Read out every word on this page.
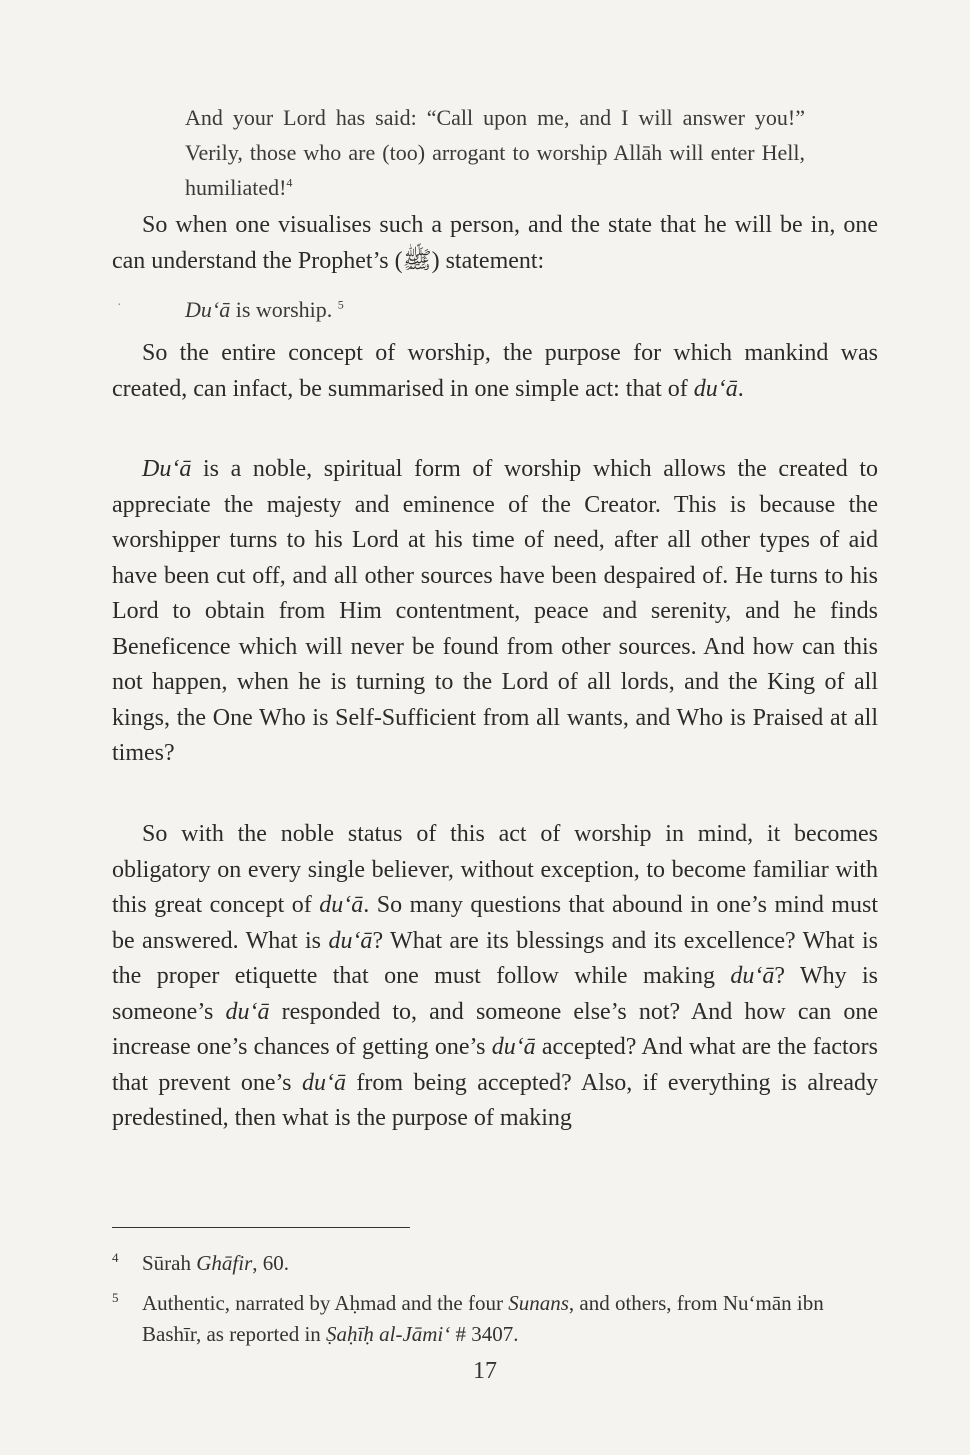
And your Lord has said: “Call upon me, and I will answer you!” Verily, those who are (too) arrogant to worship Allāh will enter Hell, humiliated!$^4$

So when one visualises such a person, and the state that he will be in, one can understand the Prophet’s (ﷺ) statement:

·	Du‘ā is worship. $^5$

So the entire concept of worship, the purpose for which mankind was created, can infact, be summarised in one simple act: that of du‘ā.

Du‘ā is a noble, spiritual form of worship which allows the created to appreciate the majesty and eminence of the Creator. This is because the worshipper turns to his Lord at his time of need, after all other types of aid have been cut off, and all other sources have been despaired of. He turns to his Lord to obtain from Him contentment, peace and serenity, and he finds Beneficence which will never be found from other sources. And how can this not happen, when he is turning to the Lord of all lords, and the King of all kings, the One Who is Self-Sufficient from all wants, and Who is Praised at all times?

So with the noble status of this act of worship in mind, it becomes obligatory on every single believer, without exception, to become familiar with this great concept of du‘ā. So many questions that abound in one’s mind must be answered. What is du‘ā? What are its blessings and its excellence? What is the proper etiquette that one must follow while making du‘ā? Why is someone’s du‘ā responded to, and someone else’s not? And how can one increase one’s chances of getting one’s du‘ā accepted? And what are the factors that prevent one’s du‘ā from being accepted? Also, if everything is already predestined, then what is the purpose of making

4 Sūrah Ghāfir, 60.
5 Authentic, narrated by Aḥmad and the four Sunans, and others, from Nu‘mān ibn Bashīr, as reported in Ṣaḥīḥ al-Jāmi‘ # 3407.
17
